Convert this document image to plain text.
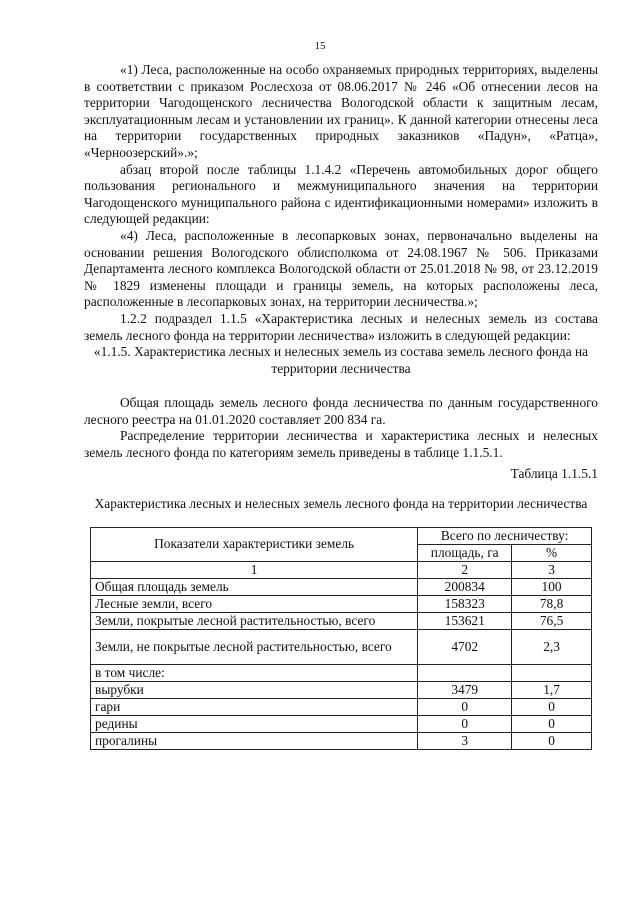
15

«1) Леса, расположенные на особо охраняемых природных территориях, выделены в соответствии с приказом Рослесхоза от 08.06.2017 № 246 «Об отнесении лесов на территории Чагодощенского лесничества Вологодской области к защитным лесам, эксплуатационным лесам и установлении их границ». К данной категории отнесены леса на территории государственных природных заказников «Падун», «Ратца», «Черноозерский».»;

абзац второй после таблицы 1.1.4.2 «Перечень автомобильных дорог общего пользования регионального и межмуниципального значения на территории Чагодощенского муниципального района с идентификационными номерами» изложить в следующей редакции:

«4) Леса, расположенные в лесопарковых зонах, первоначально выделены на основании решения Вологодского облисполкома от 24.08.1967 № 506. Приказами Департамента лесного комплекса Вологодской области от 25.01.2018 № 98, от 23.12.2019 № 1829 изменены площади и границы земель, на которых расположены леса, расположенные в лесопарковых зонах, на территории лесничества.»;

1.2.2 подраздел 1.1.5 «Характеристика лесных и нелесных земель из состава земель лесного фонда на территории лесничества» изложить в следующей редакции:

«1.1.5. Характеристика лесных и нелесных земель из состава земель лесного фонда на территории лесничества

Общая площадь земель лесного фонда лесничества по данным государственного лесного реестра на 01.01.2020 составляет 200 834 га.

Распределение территории лесничества и характеристика лесных и нелесных земель лесного фонда по категориям земель приведены в таблице 1.1.5.1.

Таблица 1.1.5.1

Характеристика лесных и нелесных земель лесного фонда на территории лесничества

Показатели характеристики земель	Всего по лесничеству:	
	площадь, га	%
1	2	3
Общая площадь земель	200834	100
Лесные земли, всего	158323	78,8
Земли, покрытые лесной растительностью, всего	153621	76,5
Земли, не покрытые лесной растительностью, всего	4702	2,3
в том числе:		
вырубки	3479	1,7
гари	0	0
редины	0	0
прогалины	3	0
